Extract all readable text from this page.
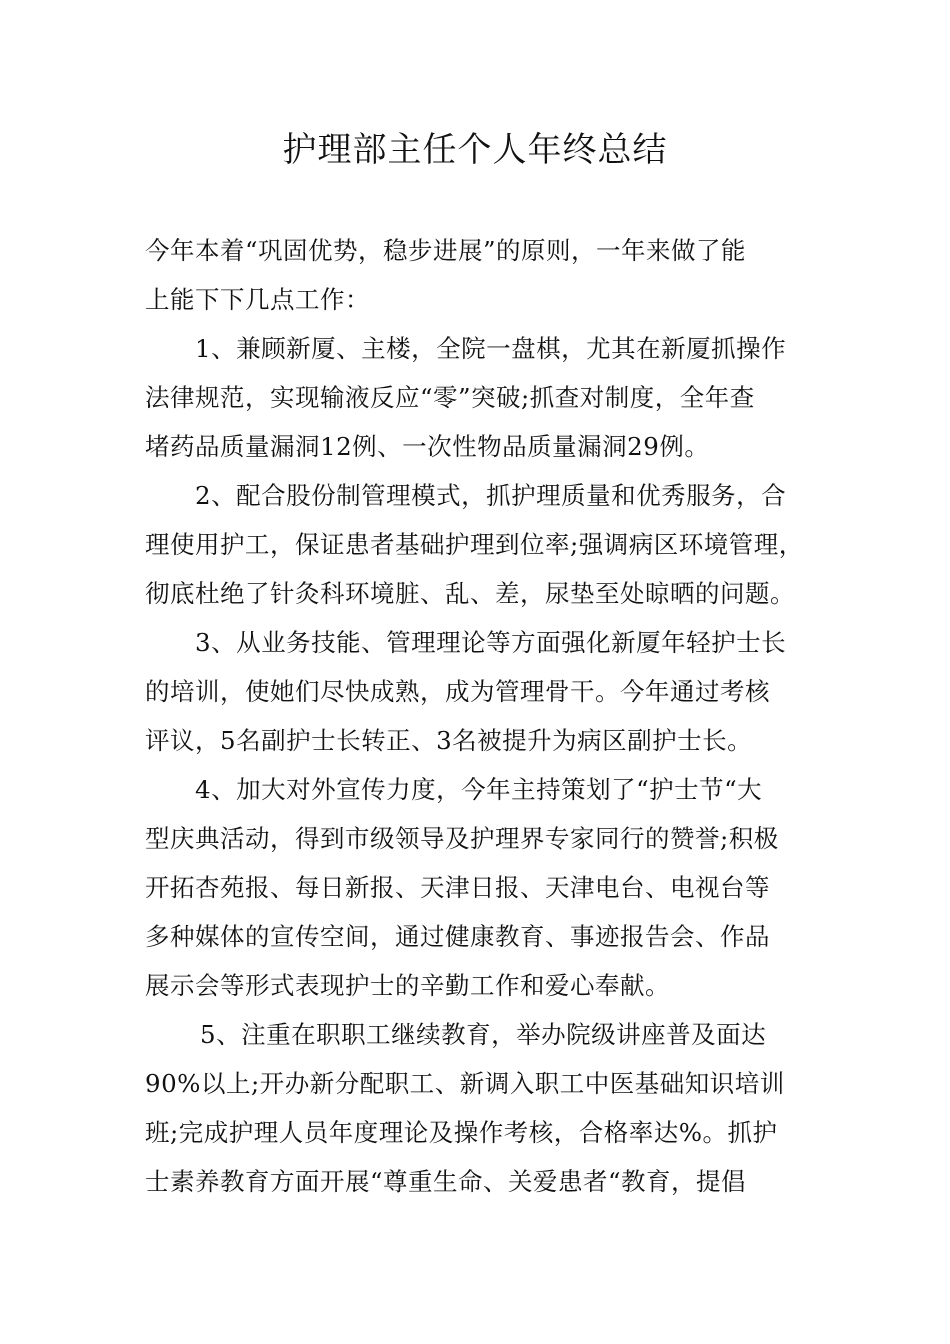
护理部主任个人年终总结
今年本着“巩固优势，稳步进展”的原则，一年来做了能
上能下下几点工作：
1、兼顾新厦、主楼，全院一盘棋，尤其在新厦抓操作
法律规范，实现输液反应“零”突破;抓查对制度，全年查
堵药品质量漏洞12例、一次性物品质量漏洞29例。
2、配合股份制管理模式，抓护理质量和优秀服务，合
理使用护工，保证患者基础护理到位率;强调病区环境管理，
彻底杜绝了针灸科环境脏、乱、差，尿垫至处晾晒的问题。
3、从业务技能、管理理论等方面强化新厦年轻护士长
的培训，使她们尽快成熟，成为管理骨干。今年通过考核
评议，5名副护士长转正、3名被提升为病区副护士长。
4、加大对外宣传力度，今年主持策划了“护士节“大
型庆典活动，得到市级领导及护理界专家同行的赞誉;积极
开拓杏苑报、每日新报、天津日报、天津电台、电视台等
多种媒体的宣传空间，通过健康教育、事迹报告会、作品
展示会等形式表现护士的辛勤工作和爱心奉献。
5、注重在职职工继续教育，举办院级讲座普及面达
90%以上;开办新分配职工、新调入职工中医基础知识培训
班;完成护理人员年度理论及操作考核，合格率达%。抓护
士素养教育方面开展“尊重生命、关爱患者“教育，提倡
